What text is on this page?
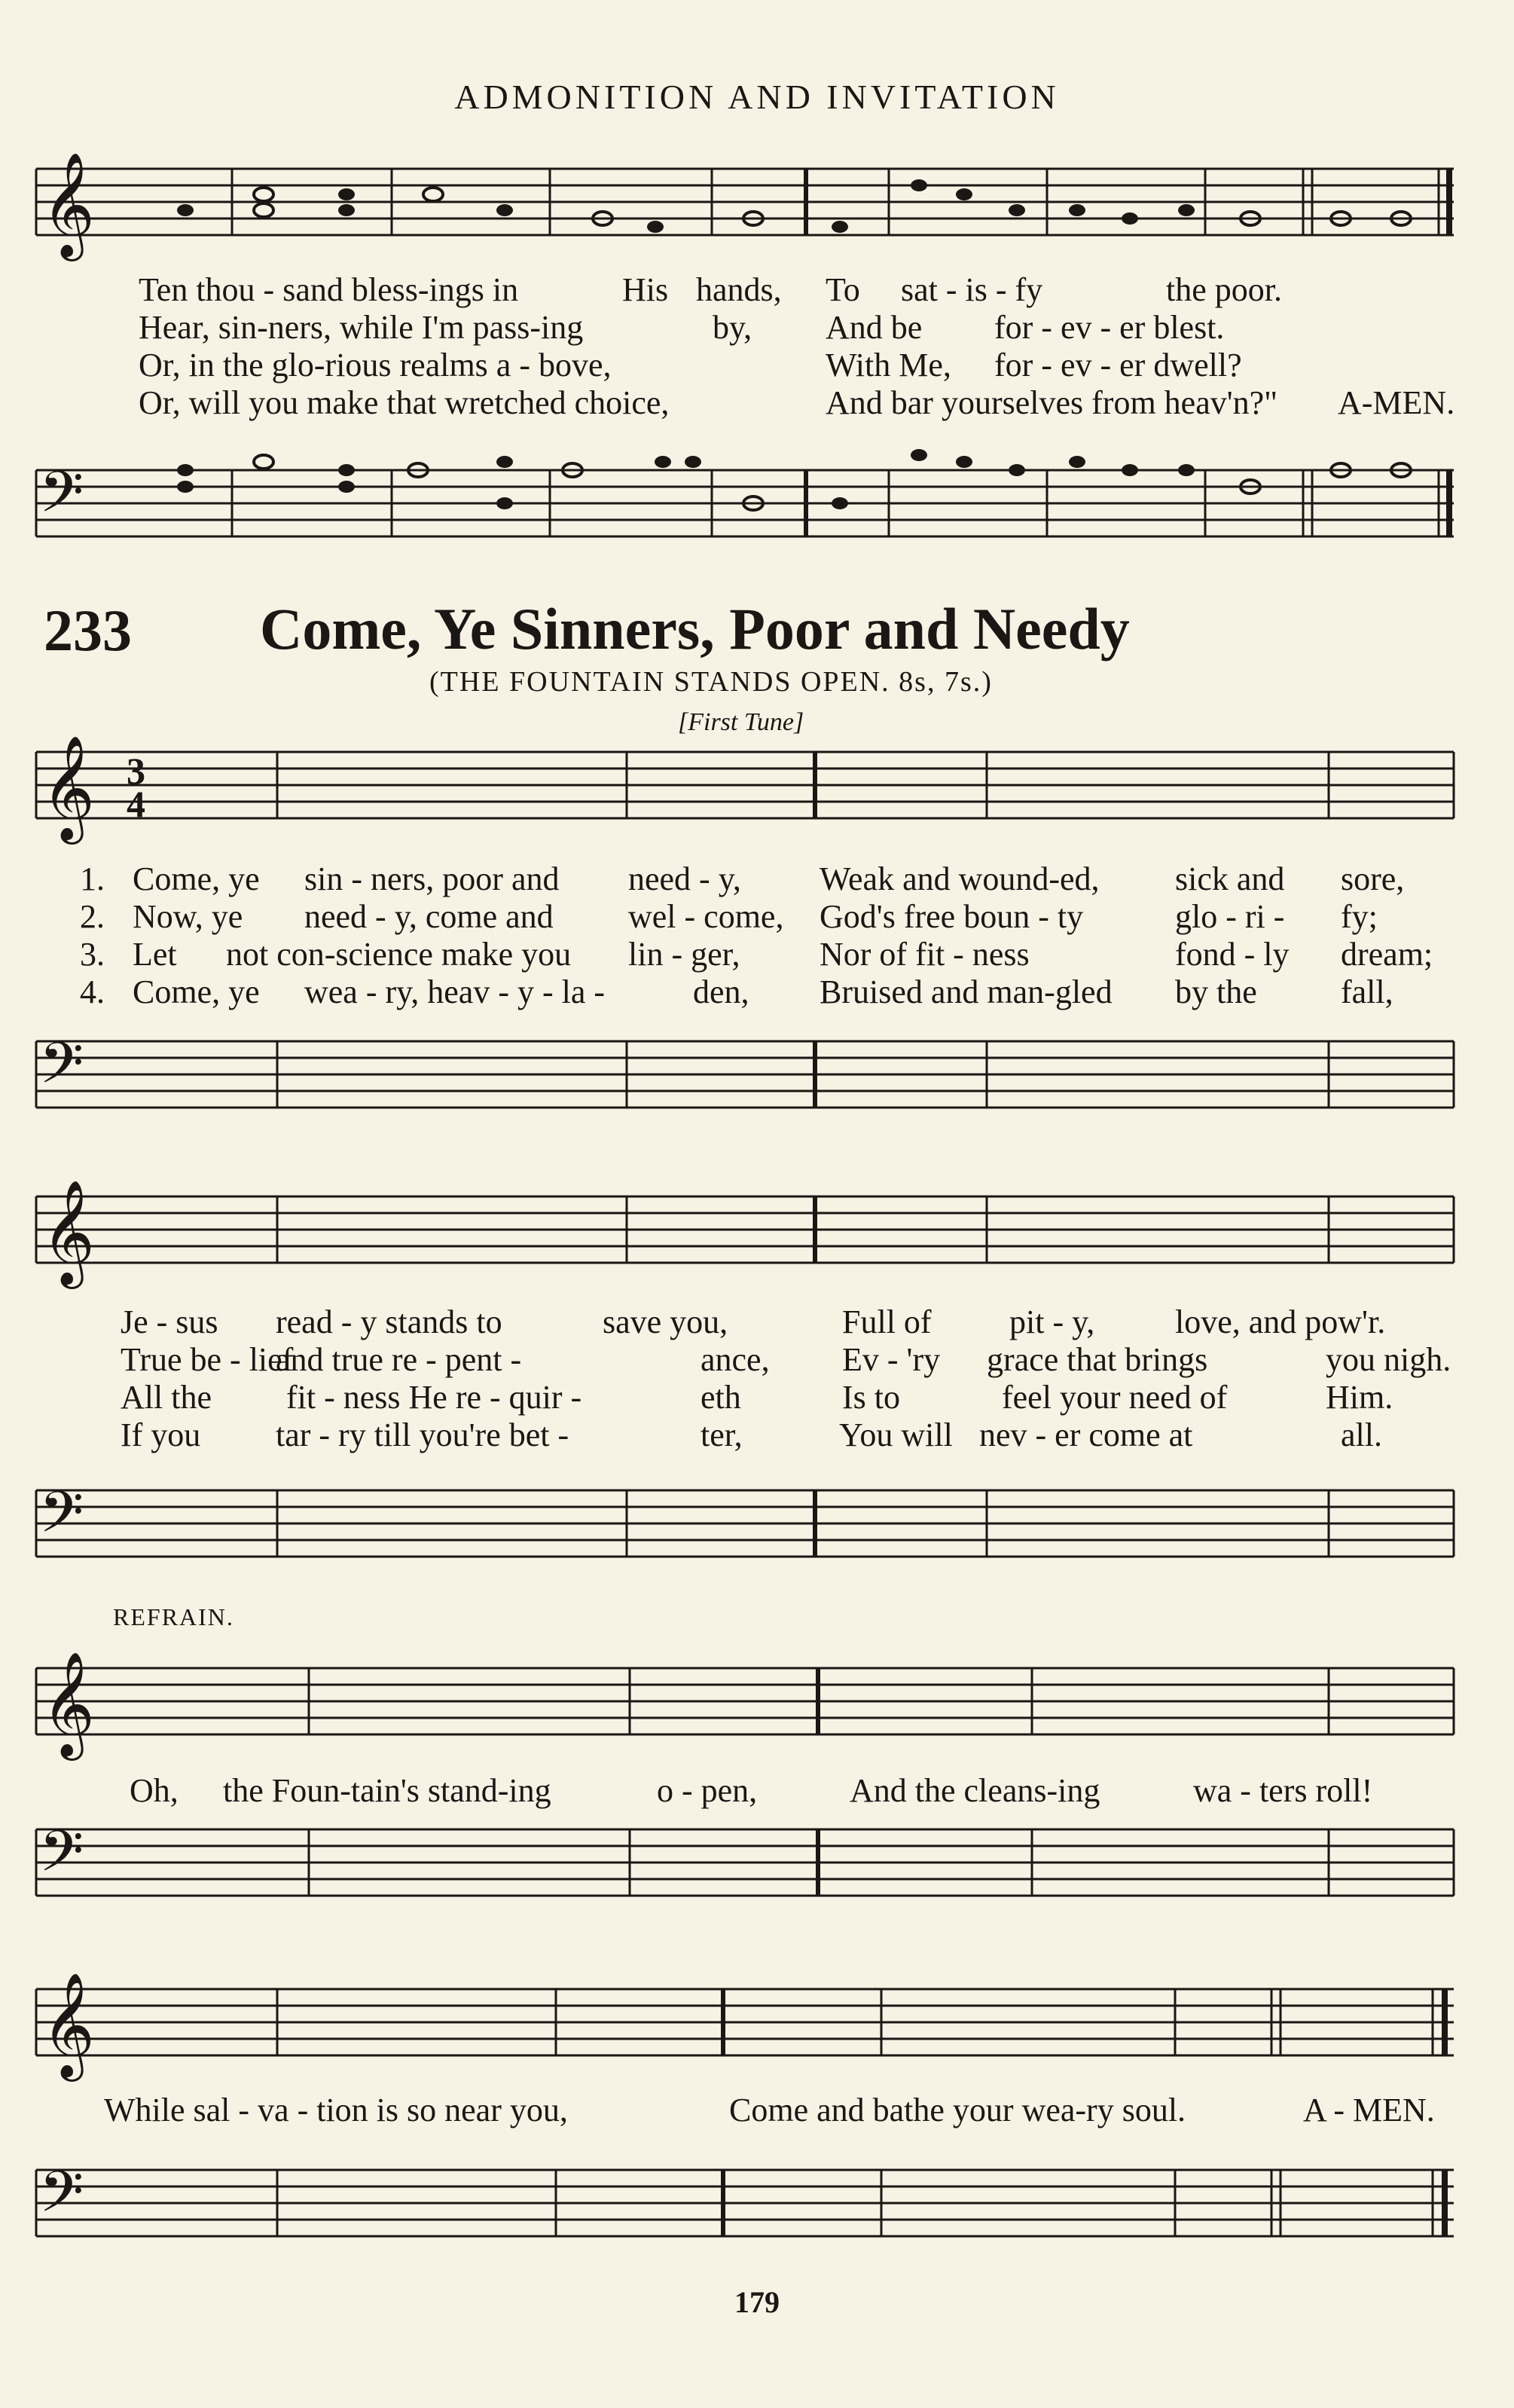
ADMONITION AND INVITATION
𝄞
Ten thou - sand bless-ings in	His hands, To sat - is - fy	the poor.
Hear, sin-ners, while I'm pass-ing	by, And be for - ev - er blest.
Or, in the glo-rious realms a - bove,	With Me, for - ev - er dwell?
Or, will you make that wretched choice,	And bar yourselves from heav'n?" A-MEN.
𝄢
233 Come, Ye Sinners, Poor and Needy
(THE FOUNTAIN STANDS OPEN. 8s, 7s.)
[First Tune]
𝄞 3
4
1. Come, ye sin - ners, poor and need - y, Weak and wound-ed, sick and sore,
2. Now, ye need - y, come and wel - come, God's free boun - ty	glo - ri - fy;
3. Let not con-science make you lin - ger, Nor of fit - ness	fond - ly dream;
4. Come, ye wea - ry, heav - y - la -	den, Bruised and man-gled by the	fall,
𝄢
𝄞
Je - sus read - y stands to	save you,	Full of pit - y, love, and pow'r.
True be - lief
and true re - pent -	ance, Ev - 'ry grace that brings	you nigh.
All the fit - ness He re - quir -	eth	Is to	feel your need of	Him.
If you tar - ry till you're bet -	ter,	You will nev - er come at	all.
𝄢
REFRAIN.
𝄞
Oh, the Foun-tain's stand-ing	o - pen,	And the cleans-ing	wa - ters roll!
𝄢
𝄞
While sal - va - tion is so near you,	Come and bathe your wea-ry soul.	A - MEN.
𝄢
179
